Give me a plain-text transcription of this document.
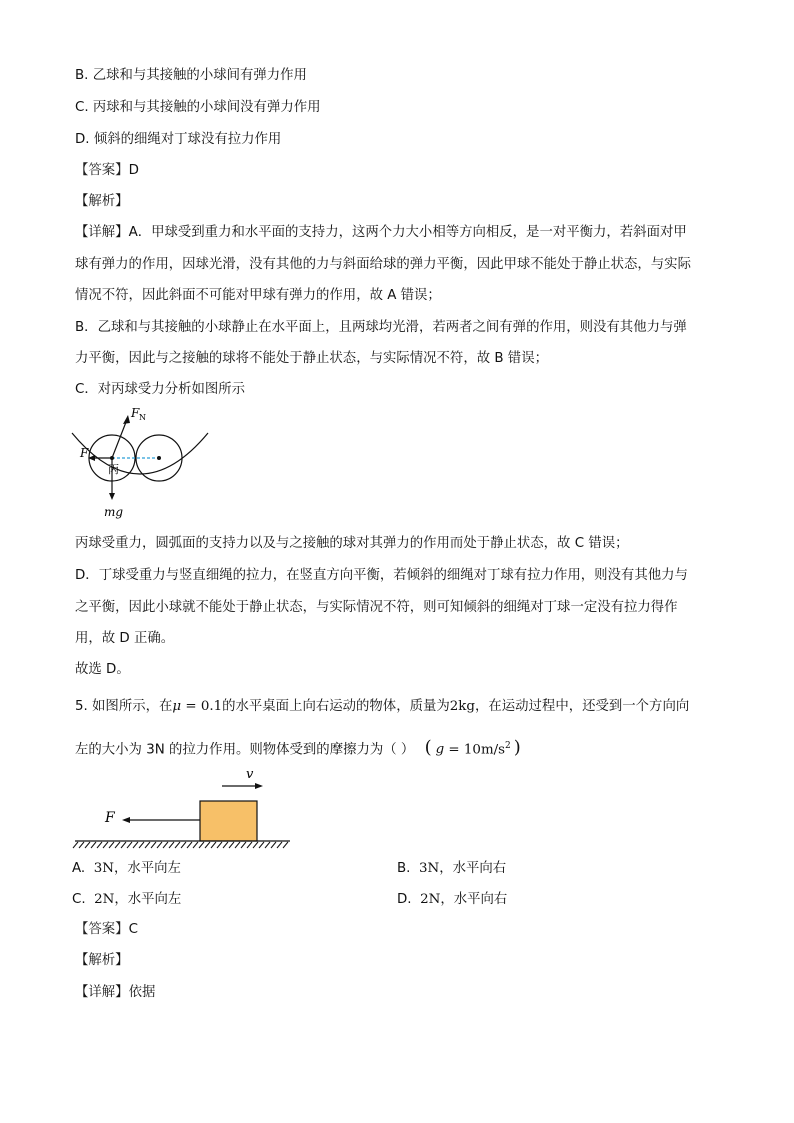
B. 乙球和与其接触的小球间有弹力作用
C. 丙球和与其接触的小球间没有弹力作用
D. 倾斜的细绳对丁球没有拉力作用
【答案】D
【解析】
【详解】A．甲球受到重力和水平面的支持力，这两个力大小相等方向相反，是一对平衡力，若斜面对甲
球有弹力的作用，因球光滑，没有其他的力与斜面给球的弹力平衡，因此甲球不能处于静止状态，与实际
情况不符，因此斜面不可能对甲球有弹力的作用，故 A 错误；
B．乙球和与其接触的小球静止在水平面上，且两球均光滑，若两者之间有弹的作用，则没有其他力与弹
力平衡，因此与之接触的球将不能处于静止状态，与实际情况不符，故 B 错误；
C．对丙球受力分析如图所示
F
F N
丙
mg
丙球受重力，圆弧面的支持力以及与之接触的球对其弹力的作用而处于静止状态，故 C 错误；
D．丁球受重力与竖直细绳的拉力，在竖直方向平衡，若倾斜的细绳对丁球有拉力作用，则没有其他力与
之平衡，因此小球就不能处于静止状态，与实际情况不符，则可知倾斜的细绳对丁球一定没有拉力得作
用，故 D 正确。
故选 D。
5. 如图所示，在μ = 0.1的水平桌面上向右运动的物体，质量为2kg，在运动过程中，还受到一个方向向
左的大小为 3N 的拉力作用。则物体受到的摩擦力为（ ） ( $g = 10m/s^2$ )
v
F
A. 3N，水平向左	B. 3N，水平向右
C. 2N，水平向左	D. 2N，水平向右
【答案】C
【解析】
【详解】依据
